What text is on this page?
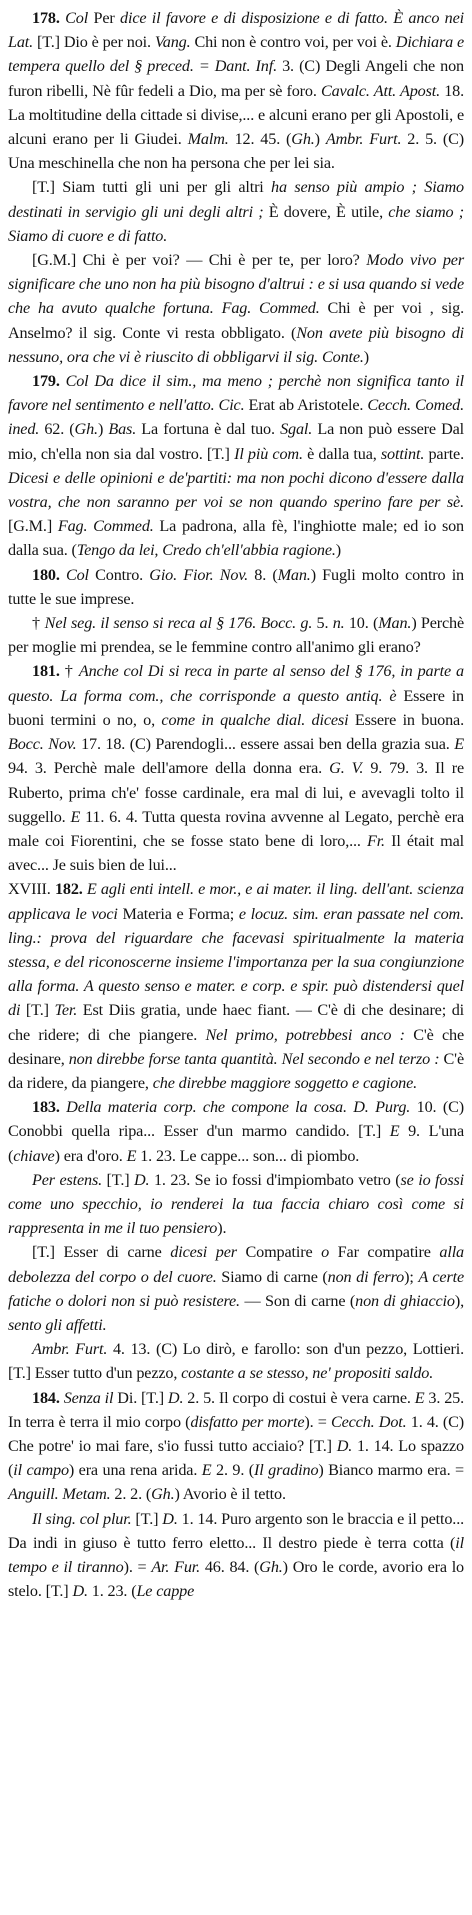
178. Col Per dice il favore e di disposizione e di fatto. È anco nei Lat. [T.] Dio è per noi. Vang. Chi non è contro voi, per voi è. Dichiara e tempera quello del § preced. = Dant. Inf. 3. (C) Degli Angeli che non furon ribelli, Nè fûr fedeli a Dio, ma per sè foro. Cavalc. Att. Apost. 18. La moltitudine della cittade si divise,... e alcuni erano per gli Apostoli, e alcuni erano per li Giudei. Malm. 12. 45. (Gh.) Ambr. Furt. 2. 5. (C) Una meschinella che non ha persona che per lei sia.

[T.] Siam tutti gli uni per gli altri ha senso più ampio ; Siamo destinati in servigio gli uni degli altri ; È dovere, È utile, che siamo ; Siamo di cuore e di fatto.

[G.M.] Chi è per voi? — Chi è per te, per loro? Modo vivo per significare che uno non ha più bisogno d'altrui : e si usa quando si vede che ha avuto qualche fortuna. Fag. Commed. Chi è per voi , sig. Anselmo? il sig. Conte vi resta obbligato. (Non avete più bisogno di nessuno, ora che vi è riuscito di obbligarvi il sig. Conte.)

179. Col Da dice il sim., ma meno ; perchè non significa tanto il favore nel sentimento e nell'atto. Cic. Erat ab Aristotele. Cecch. Comed. ined. 62. (Gh.) Bas. La fortuna è dal tuo. Sgal. La non può essere Dal mio, ch'ella non sia dal vostro. [T.] Il più com. è dalla tua, sottint. parte. Dicesi e delle opinioni e de'partiti: ma non pochi dicono d'essere dalla vostra, che non saranno per voi se non quando sperino fare per sè. [G.M.] Fag. Commed. La padrona, alla fè, l'inghiotte male; ed io son dalla sua. (Tengo da lei, Credo ch'ell'abbia ragione.)

180. Col Contro. Gio. Fior. Nov. 8. (Man.) Fugli molto contro in tutte le sue imprese.

† Nel seg. il senso si reca al § 176. Bocc. g. 5. n. 10. (Man.) Perchè per moglie mi prendea, se le femmine contro all'animo gli erano?

181. † Anche col Di si reca in parte al senso del § 176, in parte a questo. La forma com., che corrisponde a questo antiq. è Essere in buoni termini o no, o, come in qualche dial. dicesi Essere in buona. Bocc. Nov. 17. 18. (C) Parendogli... essere assai ben della grazia sua. E 94. 3. Perchè male dell'amore della donna era. G. V. 9. 79. 3. Il re Ruberto, prima ch'e' fosse cardinale, era mal di lui, e avevagli tolto il suggello. E 11. 6. 4. Tutta questa rovina avvenne al Legato, perchè era male coi Fiorentini, che se fosse stato bene di loro,... Fr. Il était mal avec... Je suis bien de lui...

XVIII. 182. E agli enti intell. e mor., e ai mater. il ling. dell'ant. scienza applicava le voci Materia e Forma; e locuz. sim. eran passate nel com. ling.: prova del riguardare che facevasi spiritualmente la materia stessa, e del riconoscerne insieme l'importanza per la sua congiunzione alla forma. A questo senso e mater. e corp. e spir. può distendersi quel di [T.] Ter. Est Diis gratia, unde haec fiant. — C'è di che desinare; di che ridere; di che piangere. Nel primo, potrebbesi anco : C'è che desinare, non direbbe forse tanta quantità. Nel secondo e nel terzo : C'è da ridere, da piangere, che direbbe maggiore soggetto e cagione.

183. Della materia corp. che compone la cosa. D. Purg. 10. (C) Conobbi quella ripa... Esser d'un marmo candido. [T.] E 9. L'una (chiave) era d'oro. E 1. 23. Le cappe... son... di piombo.

Per estens. [T.] D. 1. 23. Se io fossi d'impiombato vetro (se io fossi come uno specchio, io renderei la tua faccia chiaro così come si rappresenta in me il tuo pensiero).

[T.] Esser di carne dicesi per Compatire o Far compatire alla debolezza del corpo o del cuore. Siamo di carne (non di ferro); A certe fatiche o dolori non si può resistere. — Son di carne (non di ghiaccio), sento gli affetti.

Ambr. Furt. 4. 13. (C) Lo dirò, e farollo: son d'un pezzo, Lottieri. [T.] Esser tutto d'un pezzo, costante a se stesso, ne' propositi saldo.

184. Senza il Di. [T.] D. 2. 5. Il corpo di costui è vera carne. E 3. 25. In terra è terra il mio corpo (disfatto per morte). = Cecch. Dot. 1. 4. (C) Che potre' io mai fare, s'io fussi tutto acciaio? [T.] D. 1. 14. Lo spazzo (il campo) era una rena arida. E 2. 9. (Il gradino) Bianco marmo era. = Anguill. Metam. 2. 2. (Gh.) Avorio è il tetto.

Il sing. col plur. [T.] D. 1. 14. Puro argento son le braccia e il petto... Da indi in giuso è tutto ferro eletto... Il destro piede è terra cotta (il tempo e il tiranno). = Ar. Fur. 46. 84. (Gh.) Oro le corde, avorio era lo stelo. [T.] D. 1. 23. (Le cappe
